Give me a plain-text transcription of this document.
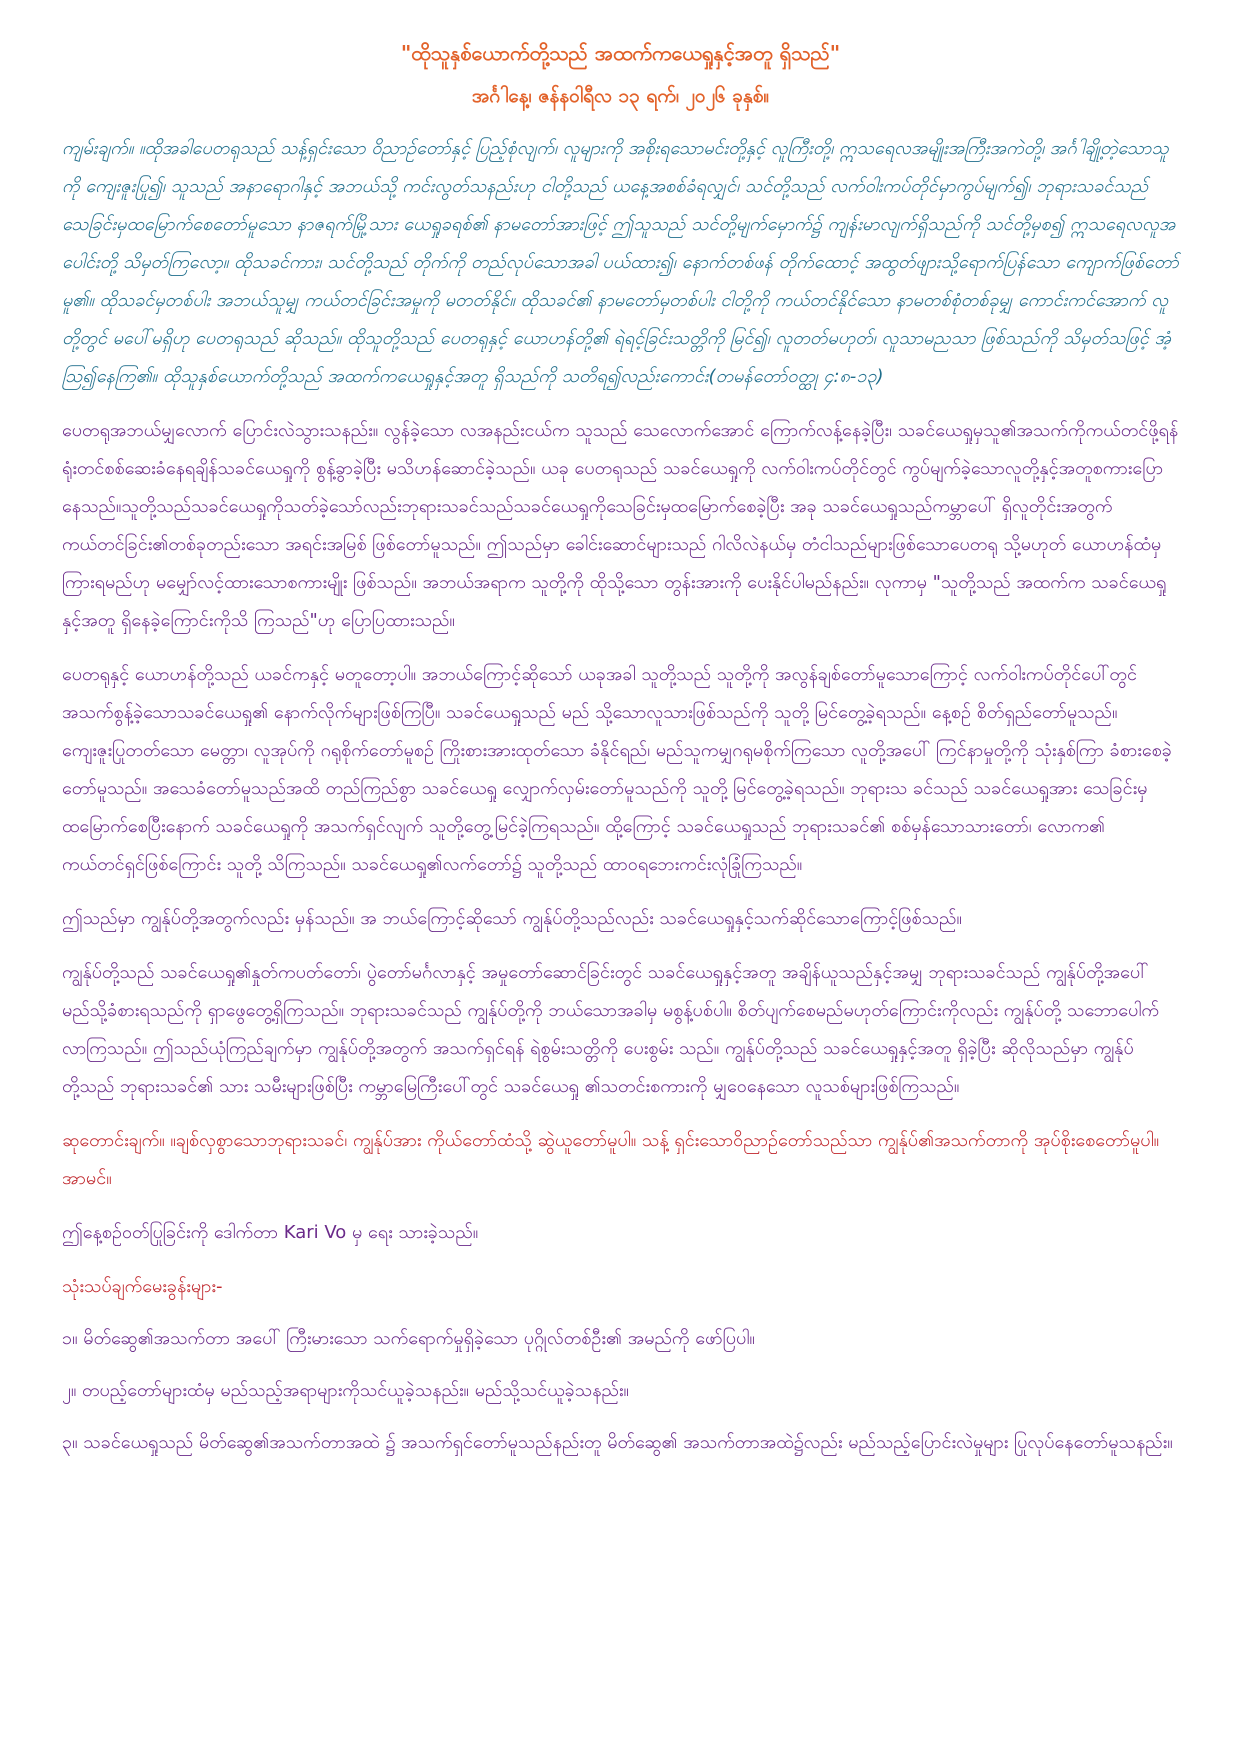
"ထိုသူနှစ်ယောက်တို့သည် အထက်ကယေရှုနှင့်အတူ ရှိသည်"
အင်္ဂါနေ့၊ ဇန်နဝါရီလ ၁၃ ရက်၊ ၂၀၂၆ ခုနှစ်။

ကျမ်းချက်။ ။ထိုအခါပေတရုသည် သန့်ရှင်းသော ဝိညာဉ်တော်နှင့် ပြည့်စုံလျက်၊ လူများကို အစိုးရသောမင်းတို့နှင့် လူကြီးတို့၊ ဣသရေလအမျိုးအကြီးအကဲတို့၊ အင်္ဂါချို့တဲ့သောသူကို ကျေးဇူးပြု၍၊ သူသည် အနာရောဂါနှင့် အဘယ်သို့ ကင်းလွတ်သနည်းဟု ငါတို့သည် ယနေ့အစစ်ခံရလျှင်၊ သင်တို့သည် လက်ဝါးကပ်တိုင်မှာကွပ်မျက်၍၊ ဘုရားသခင်သည် သေခြင်းမှထမြောက်စေတော်မူသော နာဇရက်မြို့သား ယေရှုခရစ်၏ နာမတော်အားဖြင့် ဤသူသည် သင်တို့မျက်မှောက်၌ ကျန်းမာလျက်ရှိသည်ကို သင်တို့မှစ၍ ဣသရေလလူအပေါင်းတို့ သိမှတ်ကြလော့။ ထိုသခင်ကား၊ သင်တို့သည် တိုက်ကို တည်လုပ်သောအခါ ပယ်ထား၍၊ နောက်တစ်ဖန် တိုက်ထောင့် အထွတ်ဖျားသို့ရောက်ပြန်သော ကျောက်ဖြစ်တော်မူ၏။ ထိုသခင်မှတစ်ပါး အဘယ်သူမျှ ကယ်တင်ခြင်းအမှုကို မတတ်နိုင်။ ထိုသခင်၏ နာမတော်မှတစ်ပါး ငါတို့ကို ကယ်တင်နိုင်သော နာမတစ်စုံတစ်ခုမျှ ကောင်းကင်အောက် လူတို့တွင် မပေါ်မရှိဟု ပေတရုသည် ဆိုသည်။ ထိုသူတို့သည် ပေတရုနှင့် ယောဟန်တို့၏ ရဲရင့်ခြင်းသတ္တိကို မြင်၍၊ လူတတ်မဟုတ်၊ လူသာမညသာ ဖြစ်သည်ကို သိမှတ်သဖြင့် အံ့သြ၍နေကြ၏။ ထိုသူနှစ်ယောက်တို့သည် အထက်ကယေရှုနှင့်အတူ ရှိသည်ကို သတိရ၍လည်းကောင်း(တမန်တော်ဝတ္ထု ၄:၈-၁၃)

ပေတရုအဘယ်မျှလောက် ပြောင်းလဲသွားသနည်း။ လွန်ခဲ့သော လအနည်းငယ်က သူသည် သေလောက်အောင် ကြောက်လန့်နေခဲ့ပြီး၊ သခင်ယေရှုမှသူ၏အသက်ကိုကယ်တင်ဖို့ရန် ရုံးတင်စစ်ဆေးခံနေရချိန်သခင်ယေရှုကို စွန့်ခွာခဲ့ပြီး မသိဟန်ဆောင်ခဲ့သည်။ ယခု ပေတရုသည် သခင်ယေရှုကို လက်ဝါးကပ်တိုင်တွင် ကွပ်မျက်ခဲ့သောလူတို့နှင့်အတူစကားပြောနေသည်။သူတို့သည်သခင်ယေရှုကိုသတ်ခဲ့သော်လည်းဘုရားသခင်သည်သခင်ယေရှုကိုသေခြင်းမှထမြောက်စေခဲ့ပြီး အခု သခင်ယေရှုသည်ကမ္ဘာပေါ် ရှိလူတိုင်းအတွက် ကယ်တင်ခြင်း၏တစ်ခုတည်းသော အရင်းအမြစ် ဖြစ်တော်မူသည်။ ဤသည်မှာ ခေါင်းဆောင်များသည် ဂါလိလဲနယ်မှ တံငါသည်များဖြစ်သောပေတရု သို့မဟုတ် ယောဟန်ထံမှ ကြားရမည်ဟု မမျှော်လင့်ထားသောစကားမျိုး ဖြစ်သည်။ အဘယ်အရာက သူတို့ကို ထိုသို့သော တွန်းအားကို ပေးနိုင်ပါမည်နည်း။ လုကာမှ "သူတို့သည် အထက်က သခင်ယေရှုနှင့်အတူ ရှိနေခဲ့ကြောင်းကိုသိ ကြသည်"ဟု ပြောပြထားသည်။

ပေတရုနှင့် ယောဟန်တို့သည် ယခင်ကနှင့် မတူတော့ပါ။ အဘယ်ကြောင့်ဆိုသော် ယခုအခါ သူတို့သည် သူတို့ကို အလွန်ချစ်တော်မူသောကြောင့် လက်ဝါးကပ်တိုင်ပေါ်တွင် အသက်စွန့်ခဲ့သောသခင်ယေရှု၏ နောက်လိုက်များဖြစ်ကြပြီ။ သခင်ယေရှုသည် မည် သို့သောလူသားဖြစ်သည်ကို သူတို့ မြင်တွေ့ခဲ့ရသည်။ နေ့စဉ် စိတ်ရှည်တော်မူသည်။ ကျေးဇူးပြုတတ်သော မေတ္တာ၊ လူအုပ်ကို ဂရုစိုက်တော်မူစဉ် ကြိုးစားအားထုတ်သော ခံနိုင်ရည်၊ မည်သူကမျှဂရုမစိုက်ကြသော လူတို့အပေါ် ကြင်နာမှုတို့ကို သုံးနှစ်ကြာ ခံစားစေခဲ့တော်မူသည်။ အသေခံတော်မူသည်အထိ တည်ကြည်စွာ သခင်ယေရှု လျှောက်လှမ်းတော်မူသည်ကို သူတို့ မြင်တွေ့ခဲ့ရသည်။ ဘုရားသ ခင်သည် သခင်ယေရှုအား သေခြင်းမှ ထမြောက်စေပြီးနောက် သခင်ယေရှုကို အသက်ရှင်လျက် သူတို့တွေ့မြင်ခဲ့ကြရသည်။ ထို့ကြောင့် သခင်ယေရှုသည် ဘုရားသခင်၏ စစ်မှန်သောသားတော်၊ လောက၏ ကယ်တင်ရှင်ဖြစ်ကြောင်း သူတို့ သိကြသည်။ သခင်ယေရှု၏လက်တော်၌ သူတို့သည် ထာဝရဘေးကင်းလုံခြုံကြသည်။

ဤသည်မှာ ကျွန်ုပ်တို့အတွက်လည်း မှန်သည်။ အ ဘယ်ကြောင့်ဆိုသော် ကျွန်ုပ်တို့သည်လည်း သခင်ယေရှုနှင့်သက်ဆိုင်သောကြောင့်ဖြစ်သည်။

ကျွန်ုပ်တို့သည် သခင်ယေရှု၏နှုတ်ကပတ်တော်၊ ပွဲတော်မင်္ဂလာနှင့် အမှုတော်ဆောင်ခြင်းတွင် သခင်ယေရှုနှင့်အတူ အချိန်ယူသည်နှင့်အမျှ ဘုရားသခင်သည် ကျွန်ုပ်တို့အပေါ် မည်သို့ခံစားရသည်ကို ရှာဖွေတွေ့ရှိကြသည်။ ဘုရားသခင်သည် ကျွန်ုပ်တို့ကို ဘယ်သောအခါမှ မစွန့်ပစ်ပါ။ စိတ်ပျက်စေမည်မဟုတ်ကြောင်းကိုလည်း ကျွန်ုပ်တို့ သဘောပေါက်လာကြသည်။ ဤသည်ယုံကြည်ချက်မှာ ကျွန်ုပ်တို့အတွက် အသက်ရှင်ရန် ရဲစွမ်းသတ္တိကို ပေးစွမ်း သည်။ ကျွန်ုပ်တို့သည် သခင်ယေရှုနှင့်အတူ ရှိခဲ့ပြီး ဆိုလိုသည်မှာ ကျွန်ုပ်တို့သည် ဘုရားသခင်၏ သား သမီးများဖြစ်ပြီး ကမ္ဘာမြေကြီးပေါ်တွင် သခင်ယေရှု ၏သတင်းစကားကို မျှဝေနေသော လူသစ်များဖြစ်ကြသည်။

ဆုတောင်းချက်။ ။ချစ်လှစွာသောဘုရားသခင်၊ ကျွန်ုပ်အား ကိုယ်တော်ထံသို့ ဆွဲယူတော်မူပါ။ သန့် ရှင်းသောဝိညာဉ်တော်သည်သာ ကျွန်ုပ်၏အသက်တာကို အုပ်စိုးစေတော်မူပါ။ အာမင်။

ဤနေ့စဉ်ဝတ်ပြုခြင်းကို ဒေါက်တာ Kari Vo မှ ရေး သားခဲ့သည်။

သုံးသပ်ချက်မေးခွန်းများ-

၁။ မိတ်ဆွေ၏အသက်တာ အပေါ် ကြီးမားသော သက်ရောက်မှုရှိခဲ့သော ပုဂ္ဂိုလ်တစ်ဦး၏ အမည်ကို ဖော်ပြပါ။

၂။ တပည့်တော်များထံမှ မည်သည့်အရာများကိုသင်ယူခဲ့သနည်း။ မည်သို့သင်ယူခဲ့သနည်း။

၃။ သခင်ယေရှုသည် မိတ်ဆွေ၏အသက်တာအထဲ ၌ အသက်ရှင်တော်မူသည်နည်းတူ မိတ်ဆွေ၏ အသက်တာအထဲ၌လည်း မည်သည့်ပြောင်းလဲမှုများ ပြုလုပ်နေတော်မူသနည်း။
